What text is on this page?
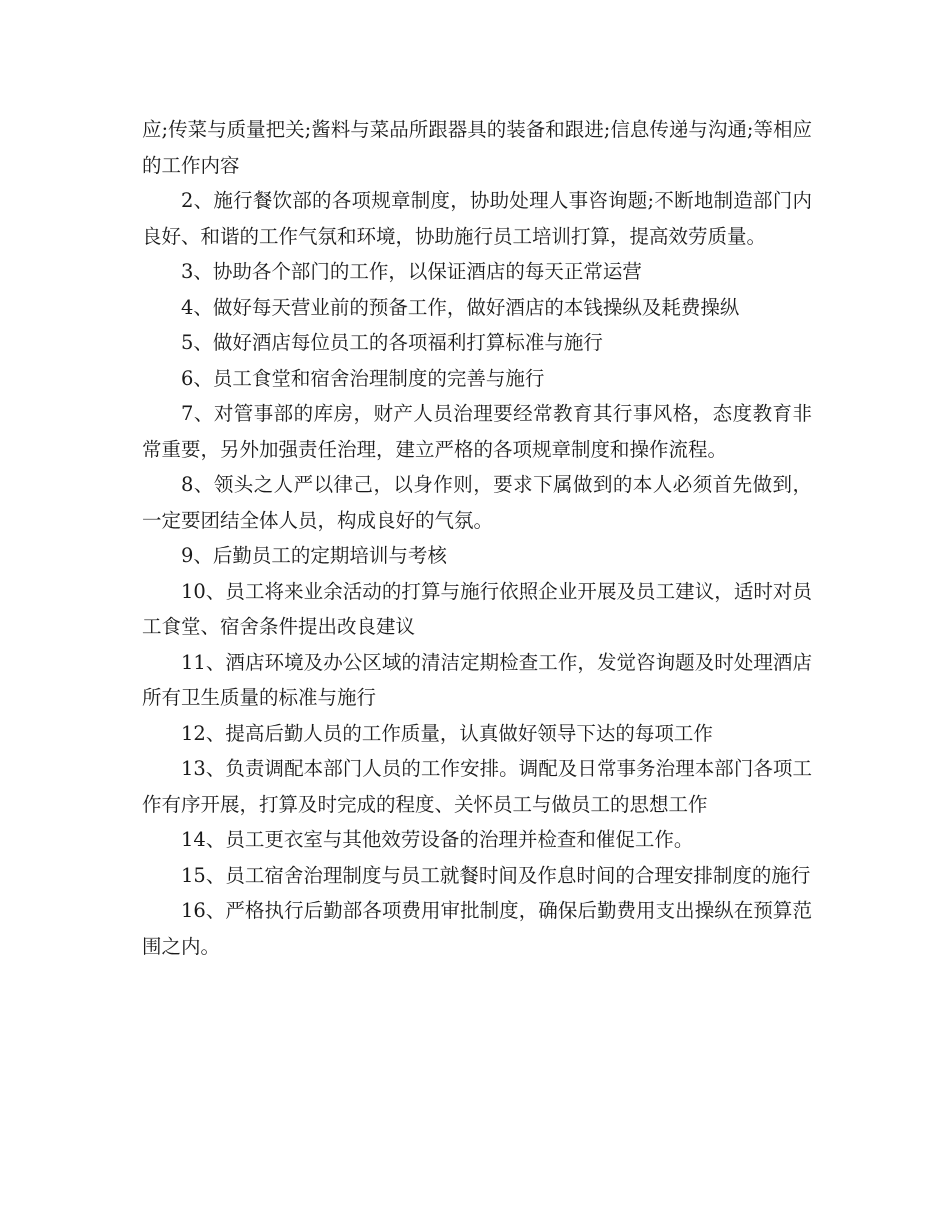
应;传菜与质量把关;酱料与菜品所跟器具的装备和跟进;信息传递与沟通;等相应的工作内容

2、施行餐饮部的各项规章制度，协助处理人事咨询题;不断地制造部门内良好、和谐的工作气氛和环境，协助施行员工培训打算，提高效劳质量。

3、协助各个部门的工作，以保证酒店的每天正常运营

4、做好每天营业前的预备工作，做好酒店的本钱操纵及耗费操纵

5、做好酒店每位员工的各项福利打算标准与施行

6、员工食堂和宿舍治理制度的完善与施行

7、对管事部的库房，财产人员治理要经常教育其行事风格，态度教育非常重要，另外加强责任治理，建立严格的各项规章制度和操作流程。

8、领头之人严以律己，以身作则，要求下属做到的本人必须首先做到，一定要团结全体人员，构成良好的气氛。

9、后勤员工的定期培训与考核

10、员工将来业余活动的打算与施行依照企业开展及员工建议，适时对员工食堂、宿舍条件提出改良建议

11、酒店环境及办公区域的清洁定期检查工作，发觉咨询题及时处理酒店所有卫生质量的标准与施行

12、提高后勤人员的工作质量，认真做好领导下达的每项工作

13、负责调配本部门人员的工作安排。调配及日常事务治理本部门各项工作有序开展，打算及时完成的程度、关怀员工与做员工的思想工作

14、员工更衣室与其他效劳设备的治理并检查和催促工作。

15、员工宿舍治理制度与员工就餐时间及作息时间的合理安排制度的施行

16、严格执行后勤部各项费用审批制度，确保后勤费用支出操纵在预算范围之内。
